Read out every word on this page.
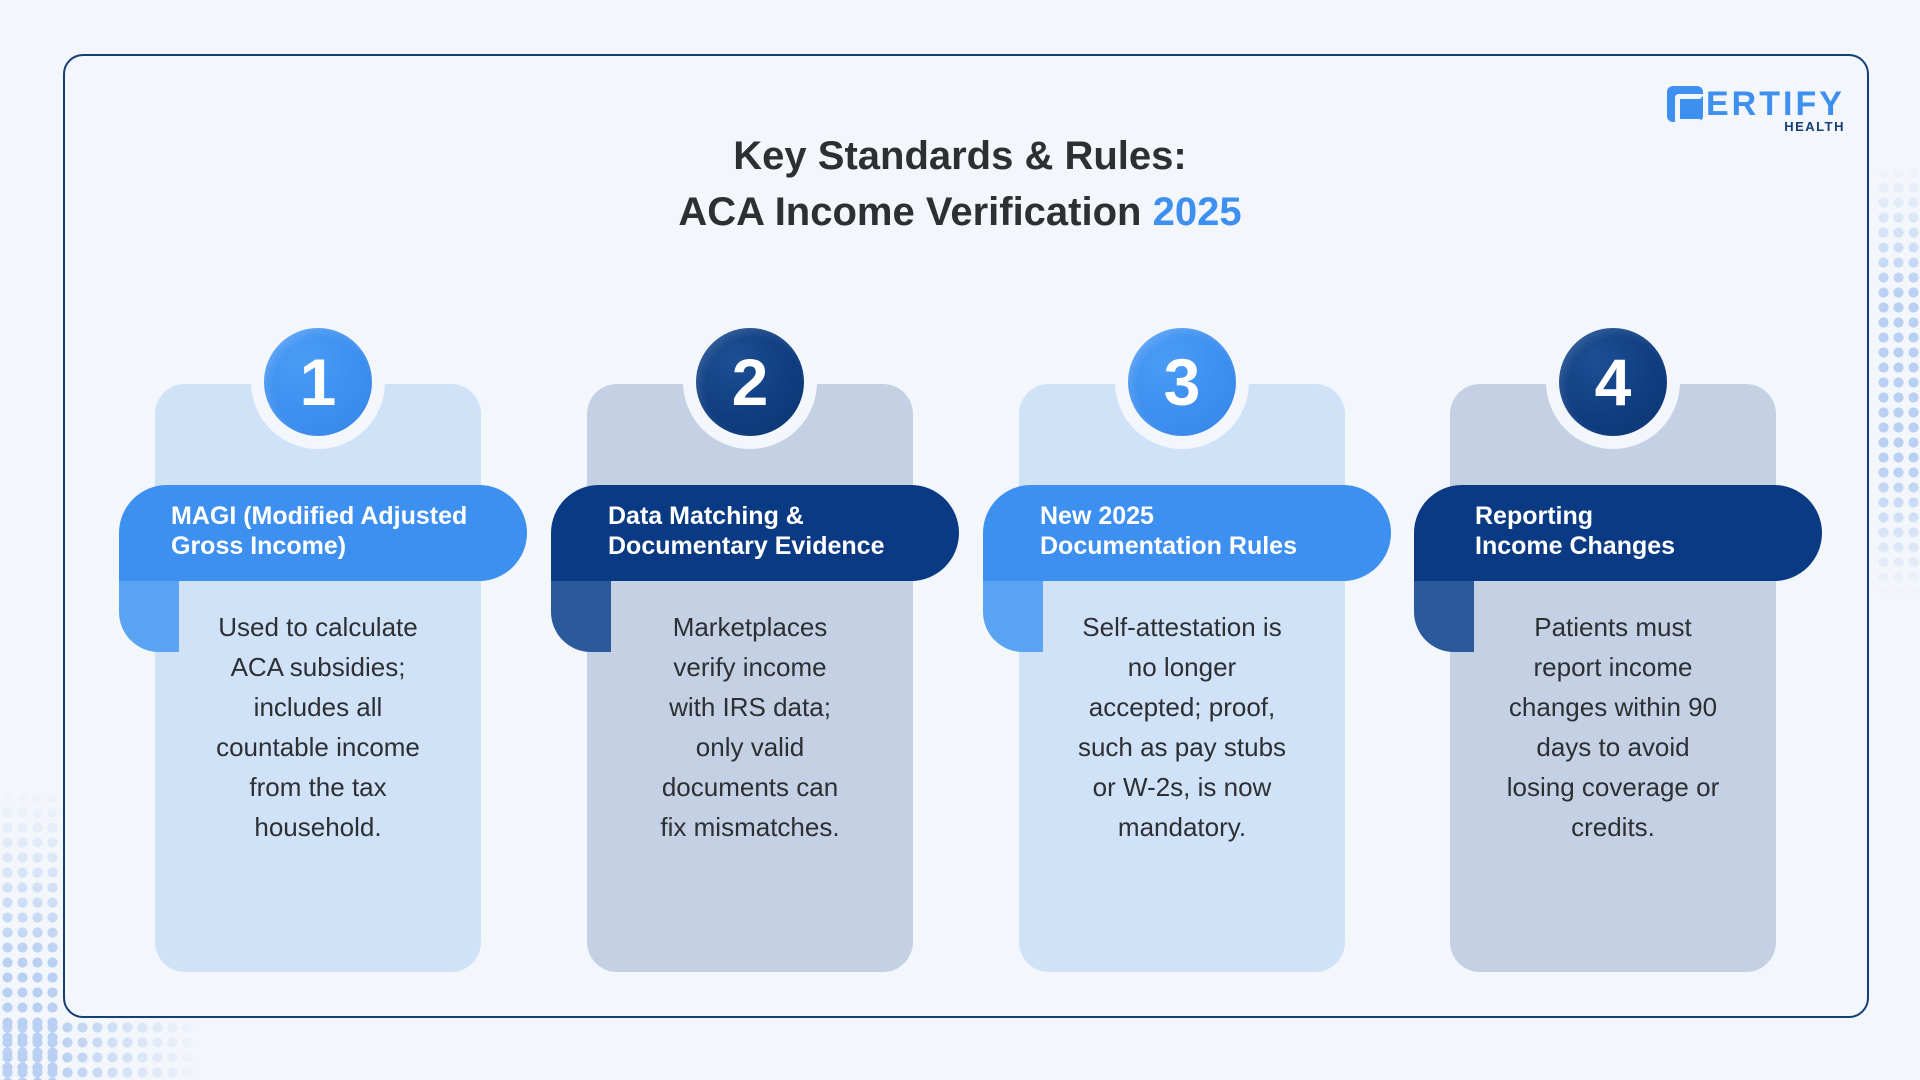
ERTIFY
HEALTH
Key Standards & Rules:
ACA Income Verification 2025
1
MAGI (Modified Adjusted
Gross Income)
Used to calculate
ACA subsidies;
includes all
countable income
from the tax
household.
2
Data Matching &
Documentary Evidence
Marketplaces
verify income
with IRS data;
only valid
documents can
fix mismatches.
3
New 2025
Documentation Rules
Self-attestation is
no longer
accepted; proof,
such as pay stubs
or W-2s, is now
mandatory.
4
Reporting
Income Changes
Patients must
report income
changes within 90
days to avoid
losing coverage or
credits.
